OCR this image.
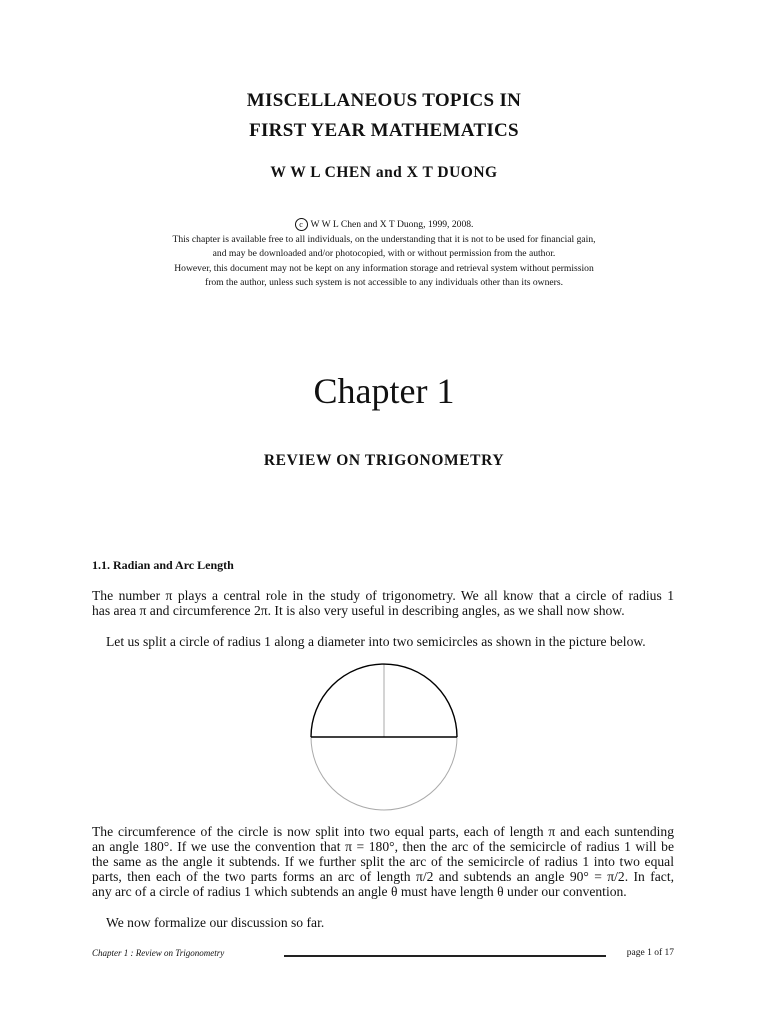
MISCELLANEOUS TOPICS IN
FIRST YEAR MATHEMATICS
W W L CHEN and X T DUONG
c W W L Chen and X T Duong, 1999, 2008.
This chapter is available free to all individuals, on the understanding that it is not to be used for financial gain,
and may be downloaded and/or photocopied, with or without permission from the author.
However, this document may not be kept on any information storage and retrieval system without permission
from the author, unless such system is not accessible to any individuals other than its owners.
Chapter 1
REVIEW ON TRIGONOMETRY
1.1. Radian and Arc Length
The number π plays a central role in the study of trigonometry. We all know that a circle of radius 1
has area π and circumference 2π. It is also very useful in describing angles, as we shall now show.
Let us split a circle of radius 1 along a diameter into two semicircles as shown in the picture below.
The circumference of the circle is now split into two equal parts, each of length π and each suntending
an angle 180°. If we use the convention that π = 180°, then the arc of the semicircle of radius 1 will be
the same as the angle it subtends. If we further split the arc of the semicircle of radius 1 into two equal
parts, then each of the two parts forms an arc of length π/2 and subtends an angle 90° = π/2. In fact,
any arc of a circle of radius 1 which subtends an angle θ must have length θ under our convention.
We now formalize our discussion so far.
Chapter 1 : Review on Trigonometry	page 1 of 17
